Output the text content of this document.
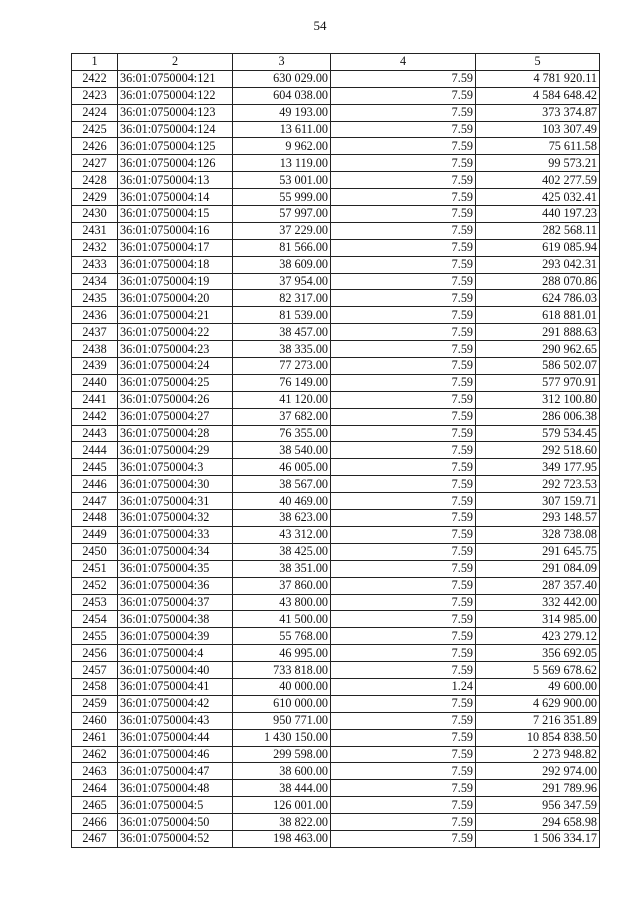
54
1	2	3	4	5
2422	36:01:0750004:121	630 029.00	7.59	4 781 920.11
2423	36:01:0750004:122	604 038.00	7.59	4 584 648.42
2424	36:01:0750004:123	49 193.00	7.59	373 374.87
2425	36:01:0750004:124	13 611.00	7.59	103 307.49
2426	36:01:0750004:125	9 962.00	7.59	75 611.58
2427	36:01:0750004:126	13 119.00	7.59	99 573.21
2428	36:01:0750004:13	53 001.00	7.59	402 277.59
2429	36:01:0750004:14	55 999.00	7.59	425 032.41
2430	36:01:0750004:15	57 997.00	7.59	440 197.23
2431	36:01:0750004:16	37 229.00	7.59	282 568.11
2432	36:01:0750004:17	81 566.00	7.59	619 085.94
2433	36:01:0750004:18	38 609.00	7.59	293 042.31
2434	36:01:0750004:19	37 954.00	7.59	288 070.86
2435	36:01:0750004:20	82 317.00	7.59	624 786.03
2436	36:01:0750004:21	81 539.00	7.59	618 881.01
2437	36:01:0750004:22	38 457.00	7.59	291 888.63
2438	36:01:0750004:23	38 335.00	7.59	290 962.65
2439	36:01:0750004:24	77 273.00	7.59	586 502.07
2440	36:01:0750004:25	76 149.00	7.59	577 970.91
2441	36:01:0750004:26	41 120.00	7.59	312 100.80
2442	36:01:0750004:27	37 682.00	7.59	286 006.38
2443	36:01:0750004:28	76 355.00	7.59	579 534.45
2444	36:01:0750004:29	38 540.00	7.59	292 518.60
2445	36:01:0750004:3	46 005.00	7.59	349 177.95
2446	36:01:0750004:30	38 567.00	7.59	292 723.53
2447	36:01:0750004:31	40 469.00	7.59	307 159.71
2448	36:01:0750004:32	38 623.00	7.59	293 148.57
2449	36:01:0750004:33	43 312.00	7.59	328 738.08
2450	36:01:0750004:34	38 425.00	7.59	291 645.75
2451	36:01:0750004:35	38 351.00	7.59	291 084.09
2452	36:01:0750004:36	37 860.00	7.59	287 357.40
2453	36:01:0750004:37	43 800.00	7.59	332 442.00
2454	36:01:0750004:38	41 500.00	7.59	314 985.00
2455	36:01:0750004:39	55 768.00	7.59	423 279.12
2456	36:01:0750004:4	46 995.00	7.59	356 692.05
2457	36:01:0750004:40	733 818.00	7.59	5 569 678.62
2458	36:01:0750004:41	40 000.00	1.24	49 600.00
2459	36:01:0750004:42	610 000.00	7.59	4 629 900.00
2460	36:01:0750004:43	950 771.00	7.59	7 216 351.89
2461	36:01:0750004:44	1 430 150.00	7.59	10 854 838.50
2462	36:01:0750004:46	299 598.00	7.59	2 273 948.82
2463	36:01:0750004:47	38 600.00	7.59	292 974.00
2464	36:01:0750004:48	38 444.00	7.59	291 789.96
2465	36:01:0750004:5	126 001.00	7.59	956 347.59
2466	36:01:0750004:50	38 822.00	7.59	294 658.98
2467	36:01:0750004:52	198 463.00	7.59	1 506 334.17
